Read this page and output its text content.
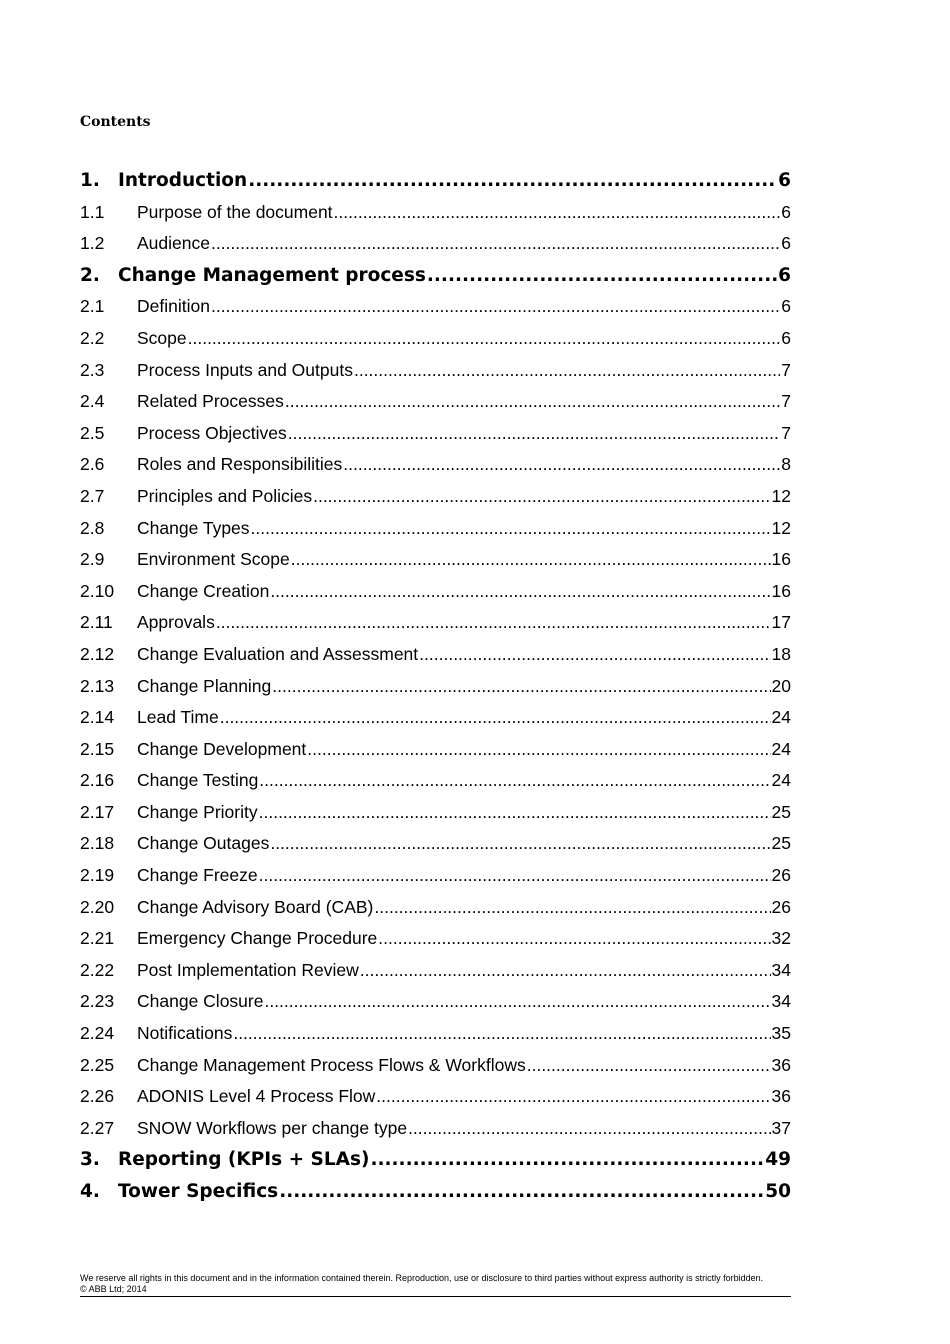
Contents
1. Introduction .....	6
1.1	Purpose of the document .....	6
1.2	Audience .....	6
2. Change Management process .....	6
2.1	Definition .....	6
2.2	Scope .....	6
2.3	Process Inputs and Outputs .....	7
2.4	Related Processes .....	7
2.5	Process Objectives .....	7
2.6	Roles and Responsibilities .....	8
2.7	Principles and Policies .....	12
2.8	Change Types .....	12
2.9	Environment Scope .....	16
2.10	Change Creation .....	16
2.11	Approvals .....	17
2.12	Change Evaluation and Assessment .....	18
2.13	Change Planning .....	20
2.14	Lead Time .....	24
2.15	Change Development .....	24
2.16	Change Testing .....	24
2.17	Change Priority .....	25
2.18	Change Outages .....	25
2.19	Change Freeze .....	26
2.20	Change Advisory Board (CAB) .....	26
2.21	Emergency Change Procedure .....	32
2.22	Post Implementation Review .....	34
2.23	Change Closure .....	34
2.24	Notifications .....	35
2.25	Change Management Process Flows & Workflows .....	36
2.26	ADONIS Level 4 Process Flow .....	36
2.27	SNOW Workflows per change type .....	37
3. Reporting (KPIs + SLAs) .....	49
4. Tower Specifics .....	50
We reserve all rights in this document and in the information contained therein. Reproduction, use or disclosure to third parties without express authority is strictly forbidden.
© ABB Ltd; 2014
